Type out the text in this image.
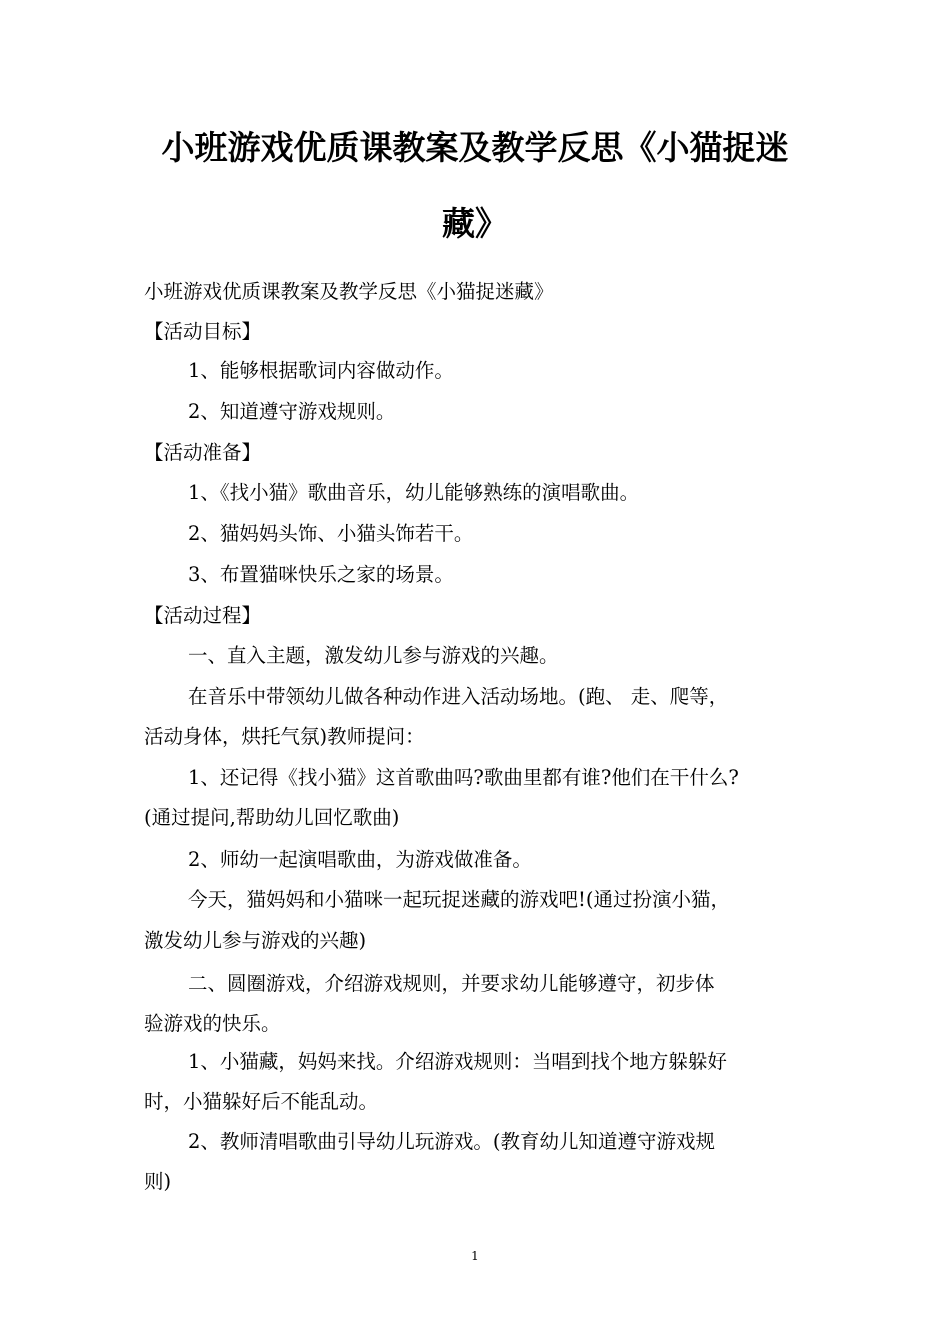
小班游戏优质课教案及教学反思《小猫捉迷
藏》
小班游戏优质课教案及教学反思《小猫捉迷藏》
【活动目标】
1、能够根据歌词内容做动作。
2、知道遵守游戏规则。
【活动准备】
1、《找小猫》歌曲音乐，幼儿能够熟练的演唱歌曲。
2、猫妈妈头饰、小猫头饰若干。
3、布置猫咪快乐之家的场景。
【活动过程】
一、直入主题，激发幼儿参与游戏的兴趣。
在音乐中带领幼儿做各种动作进入活动场地。(跑、 走、爬等，
活动身体，烘托气氛)教师提问：
1、还记得《找小猫》这首歌曲吗?歌曲里都有谁?他们在干什么?
(通过提问,帮助幼儿回忆歌曲)
2、师幼一起演唱歌曲，为游戏做准备。
今天，猫妈妈和小猫咪一起玩捉迷藏的游戏吧!(通过扮演小猫，
激发幼儿参与游戏的兴趣)
二、圆圈游戏，介绍游戏规则，并要求幼儿能够遵守，初步体
验游戏的快乐。
1、小猫藏，妈妈来找。介绍游戏规则：当唱到找个地方躲躲好
时，小猫躲好后不能乱动。
2、教师清唱歌曲引导幼儿玩游戏。(教育幼儿知道遵守游戏规
则)
1
